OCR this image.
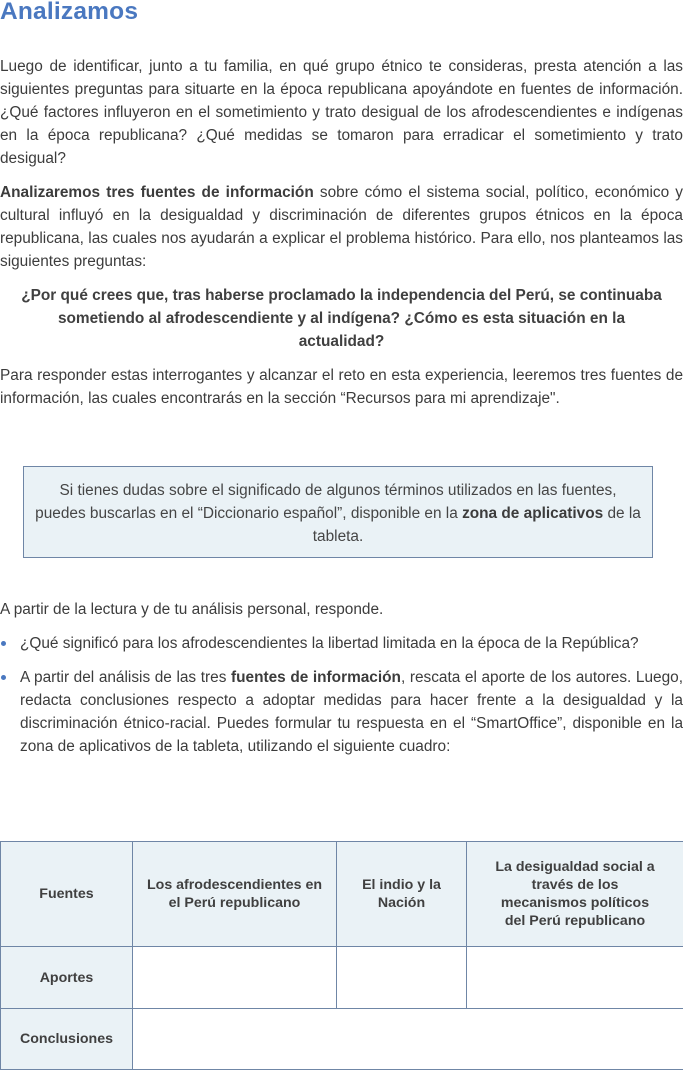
Analizamos

Luego de identificar, junto a tu familia, en qué grupo étnico te consideras, presta atención a las siguientes preguntas para situarte en la época republicana apoyándote en fuentes de información. ¿Qué factores influyeron en el sometimiento y trato desigual de los afrodescendientes e indígenas en la época republicana? ¿Qué medidas se tomaron para erradicar el sometimiento y trato desigual?

Analizaremos tres fuentes de información sobre cómo el sistema social, político, económico y cultural influyó en la desigualdad y discriminación de diferentes grupos étnicos en la época republicana, las cuales nos ayudarán a explicar el problema histórico. Para ello, nos planteamos las siguientes preguntas:

¿Por qué crees que, tras haberse proclamado la independencia del Perú, se continuaba sometiendo al afrodescendiente y al indígena? ¿Cómo es esta situación en la actualidad?

Para responder estas interrogantes y alcanzar el reto en esta experiencia, leeremos tres fuentes de información, las cuales encontrarás en la sección “Recursos para mi aprendizaje".

Si tienes dudas sobre el significado de algunos términos utilizados en las fuentes, puedes buscarlas en el “Diccionario español”, disponible en la zona de aplicativos de la tableta.

A partir de la lectura y de tu análisis personal, responde.

¿Qué significó para los afrodescendientes la libertad limitada en la época de la República?
A partir del análisis de las tres fuentes de información, rescata el aporte de los autores. Luego, redacta conclusiones respecto a adoptar medidas para hacer frente a la desigualdad y la discriminación étnico-racial. Puedes formular tu respuesta en el “SmartOffice”, disponible en la zona de aplicativos de la tableta, utilizando el siguiente cuadro:
Fuentes	Los afrodescendientes en el Perú republicano	El indio y la Nación	La desigualdad social a través de los mecanismos políticos del Perú republicano
Aportes			
Conclusiones			
